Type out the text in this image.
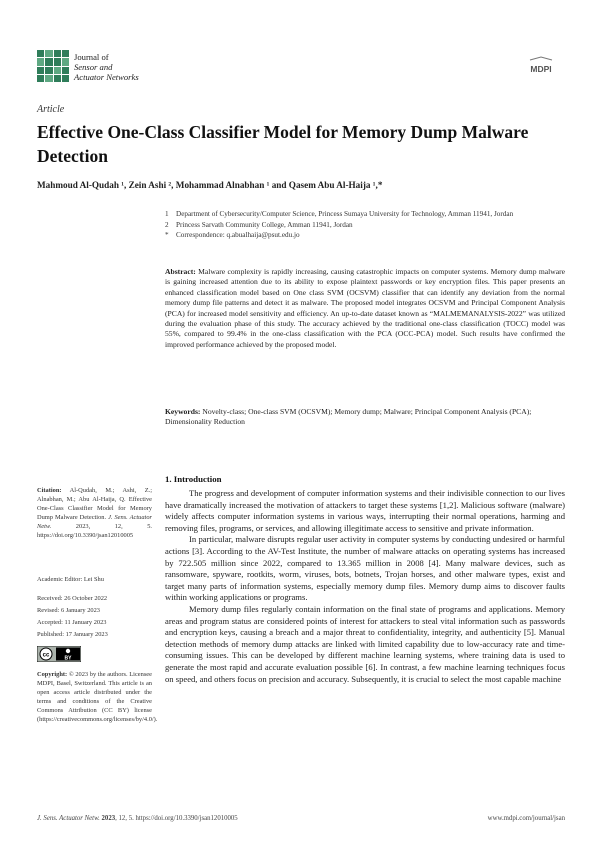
Journal of
Sensor and
Actuator Networks
MDPI
Article
Effective One-Class Classifier Model for Memory Dump Malware Detection
Mahmoud Al-Qudah ¹, Zein Ashi ², Mohammad Alnabhan ¹ and Qasem Abu Al-Haija ¹,*
1	Department of Cybersecurity/Computer Science, Princess Sumaya University for Technology, Amman 11941, Jordan
2	Princess Sarvath Community College, Amman 11941, Jordan
*	Correspondence: q.abualhaija@psut.edu.jo
Abstract: Malware complexity is rapidly increasing, causing catastrophic impacts on computer systems. Memory dump malware is gaining increased attention due to its ability to expose plaintext passwords or key encryption files. This paper presents an enhanced classification model based on One class SVM (OCSVM) classifier that can identify any deviation from the normal memory dump file patterns and detect it as malware. The proposed model integrates OCSVM and Principal Component Analysis (PCA) for increased model sensitivity and efficiency. An up-to-date dataset known as “MALMEMANALYSIS-2022” was utilized during the evaluation phase of this study. The accuracy achieved by the traditional one-class classification (TOCC) model was 55%, compared to 99.4% in the one-class classification with the PCA (OCC-PCA) model. Such results have confirmed the improved performance achieved by the proposed model.
Keywords: Novelty-class; One-class SVM (OCSVM); Memory dump; Malware; Principal Component Analysis (PCA); Dimensionality Reduction
Citation: Al-Qudah, M.; Ashi, Z.; Alnabhan, M.; Abu Al-Haija, Q. Effective One-Class Classifier Model for Memory Dump Malware Detection. J. Sens. Actuator Netw.	2023, 12, 5. https://doi.org/10.3390/jsan12010005
Academic Editor: Lei Shu
Received: 26 October 2022
Revised: 6 January 2023
Accepted: 11 January 2023
Published: 17 January 2023
cc	BY
Copyright: © 2023 by the authors. Licensee MDPI, Basel, Switzerland. This article is an open access article distributed under the terms and conditions of the Creative Commons Attribution (CC BY) license (https://creativecommons.org/licenses/by/4.0/).
1. Introduction

The progress and development of computer information systems and their indivisible connection to our lives have dramatically increased the motivation of attackers to target these systems [1,2]. Malicious software (malware) widely affects computer information systems in various ways, interrupting their normal operations, harming and removing files, programs, or services, and allowing illegitimate access to sensitive and private information.

In particular, malware disrupts regular user activity in computer systems by conducting undesired or harmful actions [3]. According to the AV-Test Institute, the number of malware attacks on operating systems has increased by 722.505 million since 2022, compared to 13.365 million in 2008 [4]. Many malware devices, such as ransomware, spyware, rootkits, worm, viruses, bots, botnets, Trojan horses, and other malware types, exist and target many parts of information systems, especially memory dump files. Memory dump aims to discover faults within working applications or programs.

Memory dump files regularly contain information on the final state of programs and applications. Memory areas and program status are considered points of interest for attackers to steal vital information such as passwords and encryption keys, causing a breach and a major threat to confidentiality, integrity, and authenticity [5]. Manual detection methods of memory dump attacks are linked with limited capability due to low-accuracy rate and time-consuming issues. This can be developed by different machine learning systems, where training data is used to generate the most rapid and accurate evaluation possible [6]. In contrast, a few machine learning techniques focus on speed, and others focus on precision and accuracy. Subsequently, it is crucial to select the most capable machine

J. Sens. Actuator Netw. 2023, 12, 5. https://doi.org/10.3390/jsan12010005	www.mdpi.com/journal/jsan
